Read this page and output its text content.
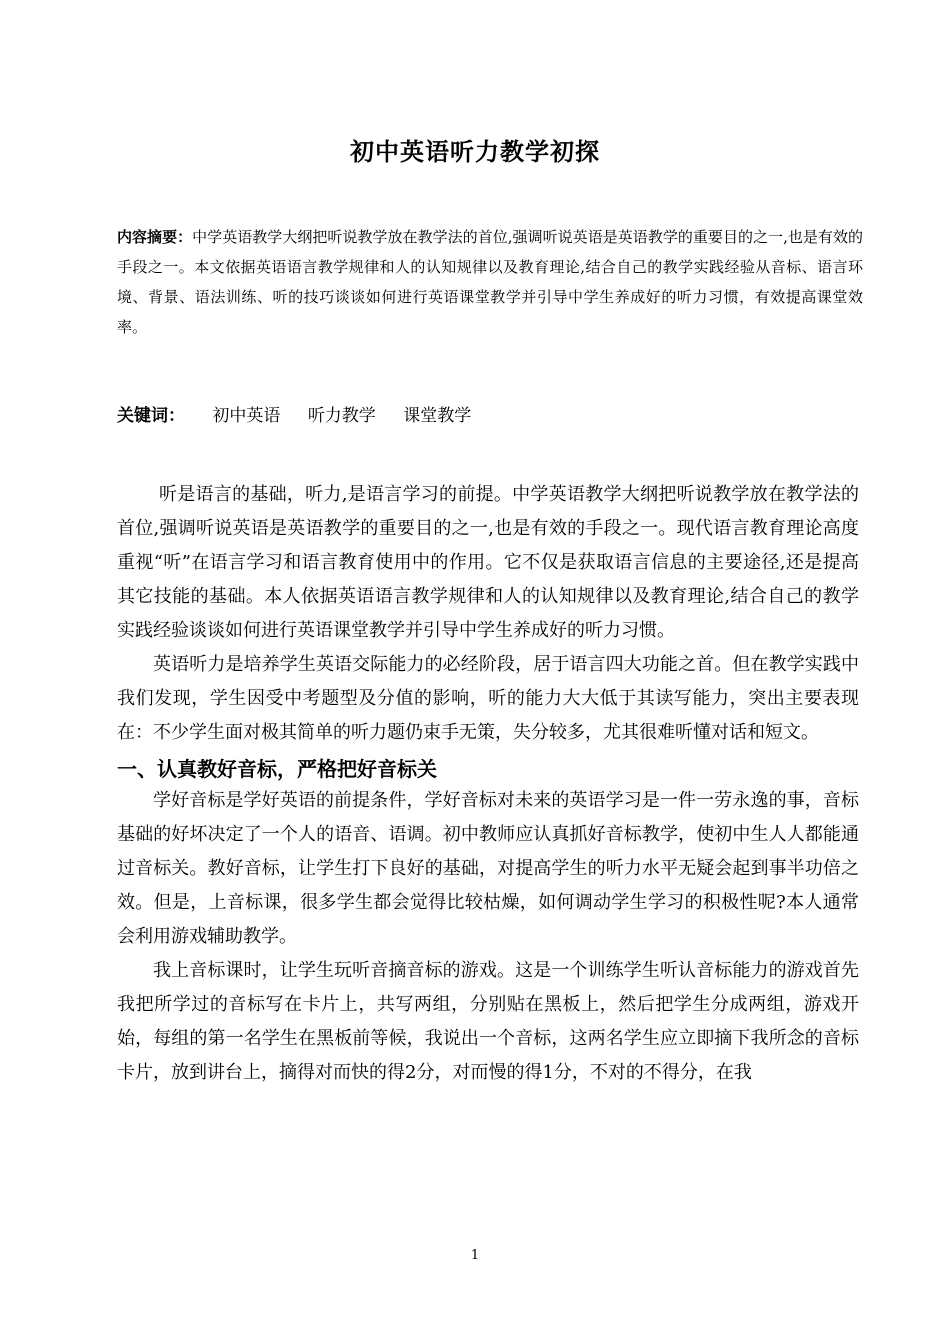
初中英语听力教学初探
内容摘要：中学英语教学大纲把听说教学放在教学法的首位,强调听说英语是英语教学的重要目的之一,也是有效的手段之一。本文依据英语语言教学规律和人的认知规律以及教育理论,结合自己的教学实践经验从音标、语言环境、背景、语法训练、听的技巧谈谈如何进行英语课堂教学并引导中学生养成好的听力习惯，有效提高课堂效率。
关键词： 初中英语 听力教学 课堂教学

听是语言的基础，听力,是语言学习的前提。中学英语教学大纲把听说教学放在教学法的首位,强调听说英语是英语教学的重要目的之一,也是有效的手段之一。现代语言教育理论高度重视“听”在语言学习和语言教育使用中的作用。它不仅是获取语言信息的主要途径,还是提高其它技能的基础。本人依据英语语言教学规律和人的认知规律以及教育理论,结合自己的教学实践经验谈谈如何进行英语课堂教学并引导中学生养成好的听力习惯。

英语听力是培养学生英语交际能力的必经阶段，居于语言四大功能之首。但在教学实践中我们发现，学生因受中考题型及分值的影响，听的能力大大低于其读写能力，突出主要表现在：不少学生面对极其简单的听力题仍束手无策，失分较多，尤其很难听懂对话和短文。

一、认真教好音标，严格把好音标关

学好音标是学好英语的前提条件，学好音标对未来的英语学习是一件一劳永逸的事，音标基础的好坏决定了一个人的语音、语调。初中教师应认真抓好音标教学，使初中生人人都能通过音标关。教好音标，让学生打下良好的基础，对提高学生的听力水平无疑会起到事半功倍之效。但是，上音标课，很多学生都会觉得比较枯燥，如何调动学生学习的积极性呢?本人通常会利用游戏辅助教学。

我上音标课时，让学生玩听音摘音标的游戏。这是一个训练学生听认音标能力的游戏首先我把所学过的音标写在卡片上，共写两组，分别贴在黑板上，然后把学生分成两组，游戏开始，每组的第一名学生在黑板前等候，我说出一个音标，这两名学生应立即摘下我所念的音标卡片，放到讲台上，摘得对而快的得2分，对而慢的得1分，不对的不得分，在我

1
